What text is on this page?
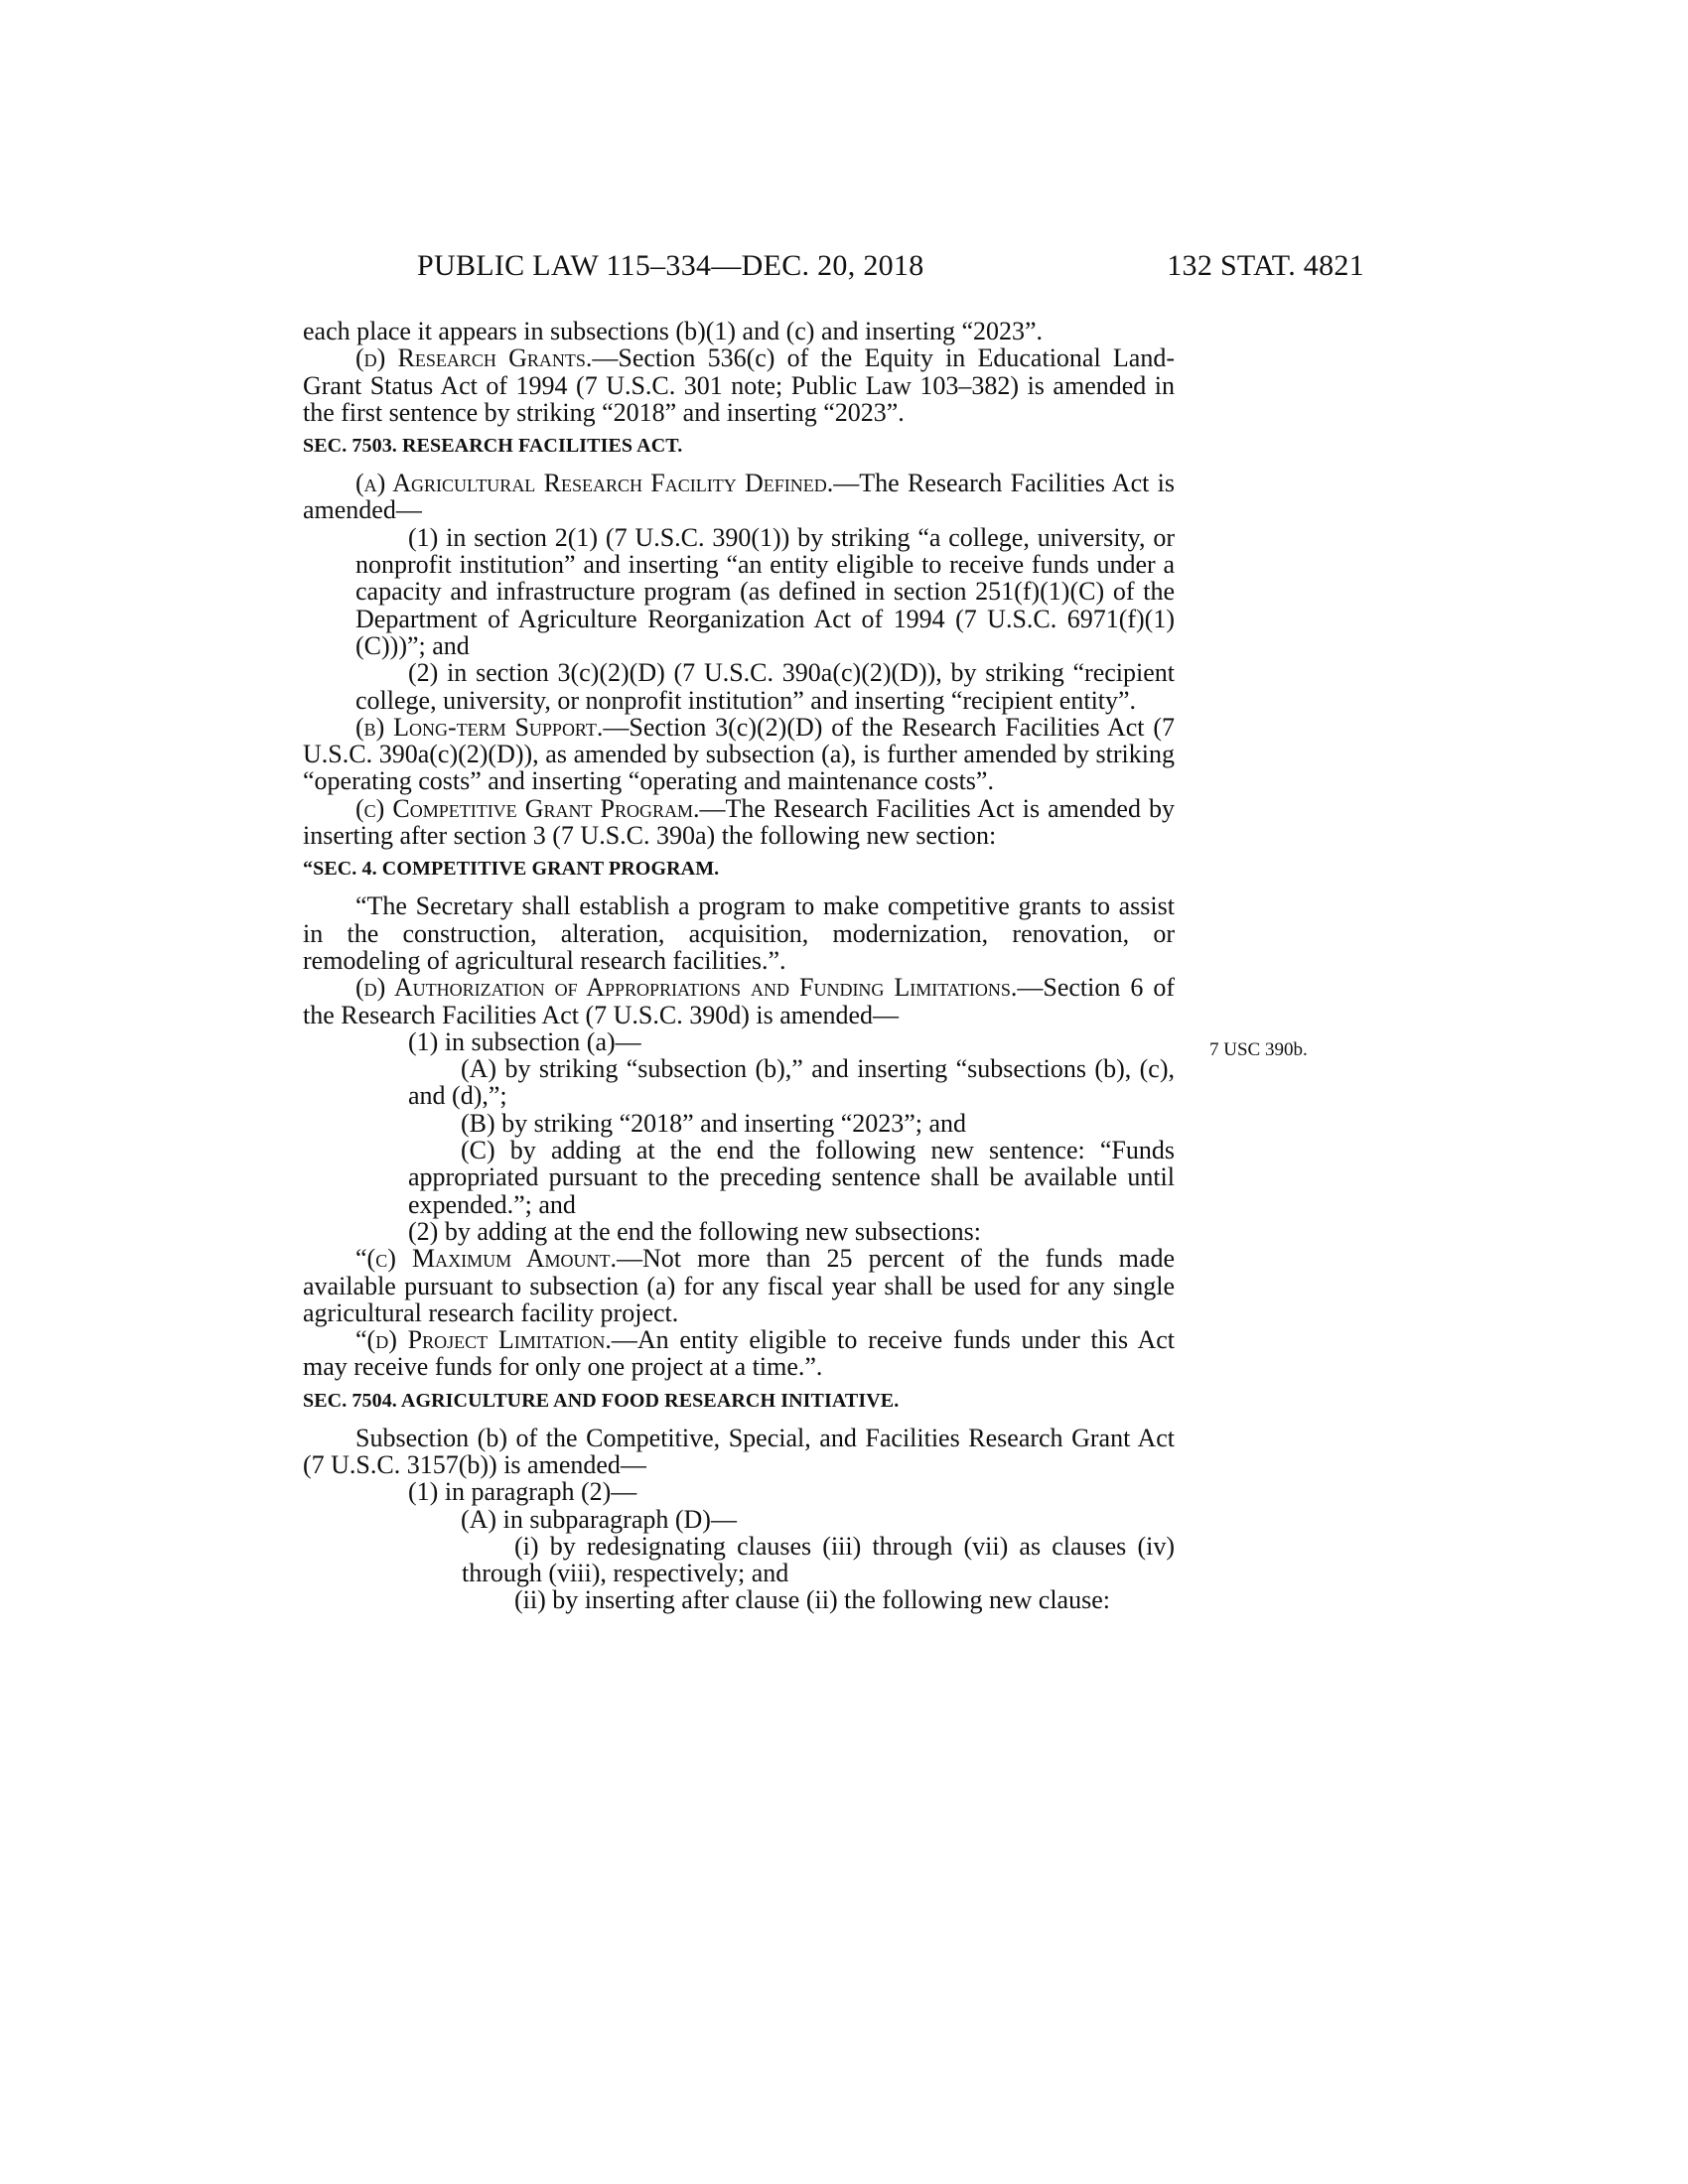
PUBLIC LAW 115–334—DEC. 20, 2018	132 STAT. 4821
7 USC 390b.

each place it appears in subsections (b)(1) and (c) and inserting “2023”.

(d) Research Grants.—Section 536(c) of the Equity in Educational Land-Grant Status Act of 1994 (7 U.S.C. 301 note; Public Law 103–382) is amended in the first sentence by striking “2018” and inserting “2023”.

SEC. 7503. RESEARCH FACILITIES ACT.

(a) Agricultural Research Facility Defined.—The Research Facilities Act is amended—

(1) in section 2(1) (7 U.S.C. 390(1)) by striking “a college, university, or nonprofit institution” and inserting “an entity eligible to receive funds under a capacity and infrastructure program (as defined in section 251(f)(1)(C) of the Department of Agriculture Reorganization Act of 1994 (7 U.S.C. 6971(f)(1)(C)))”; and

(2) in section 3(c)(2)(D) (7 U.S.C. 390a(c)(2)(D)), by striking “recipient college, university, or nonprofit institution” and inserting “recipient entity”.

(b) Long-term Support.—Section 3(c)(2)(D) of the Research Facilities Act (7 U.S.C. 390a(c)(2)(D)), as amended by subsection (a), is further amended by striking “operating costs” and inserting “operating and maintenance costs”.

(c) Competitive Grant Program.—The Research Facilities Act is amended by inserting after section 3 (7 U.S.C. 390a) the following new section:

“SEC. 4. COMPETITIVE GRANT PROGRAM.

“The Secretary shall establish a program to make competitive grants to assist in the construction, alteration, acquisition, modernization, renovation, or remodeling of agricultural research facilities.”.

(d) Authorization of Appropriations and Funding Limitations.—Section 6 of the Research Facilities Act (7 U.S.C. 390d) is amended—

(1) in subsection (a)—

(A) by striking “subsection (b),” and inserting “subsections (b), (c), and (d),”;

(B) by striking “2018” and inserting “2023”; and

(C) by adding at the end the following new sentence: “Funds appropriated pursuant to the preceding sentence shall be available until expended.”; and

(2) by adding at the end the following new subsections:

“(c) Maximum Amount.—Not more than 25 percent of the funds made available pursuant to subsection (a) for any fiscal year shall be used for any single agricultural research facility project.

“(d) Project Limitation.—An entity eligible to receive funds under this Act may receive funds for only one project at a time.”.

SEC. 7504. AGRICULTURE AND FOOD RESEARCH INITIATIVE.

Subsection (b) of the Competitive, Special, and Facilities Research Grant Act (7 U.S.C. 3157(b)) is amended—

(1) in paragraph (2)—

(A) in subparagraph (D)—

(i) by redesignating clauses (iii) through (vii) as clauses (iv) through (viii), respectively; and

(ii) by inserting after clause (ii) the following new clause:
